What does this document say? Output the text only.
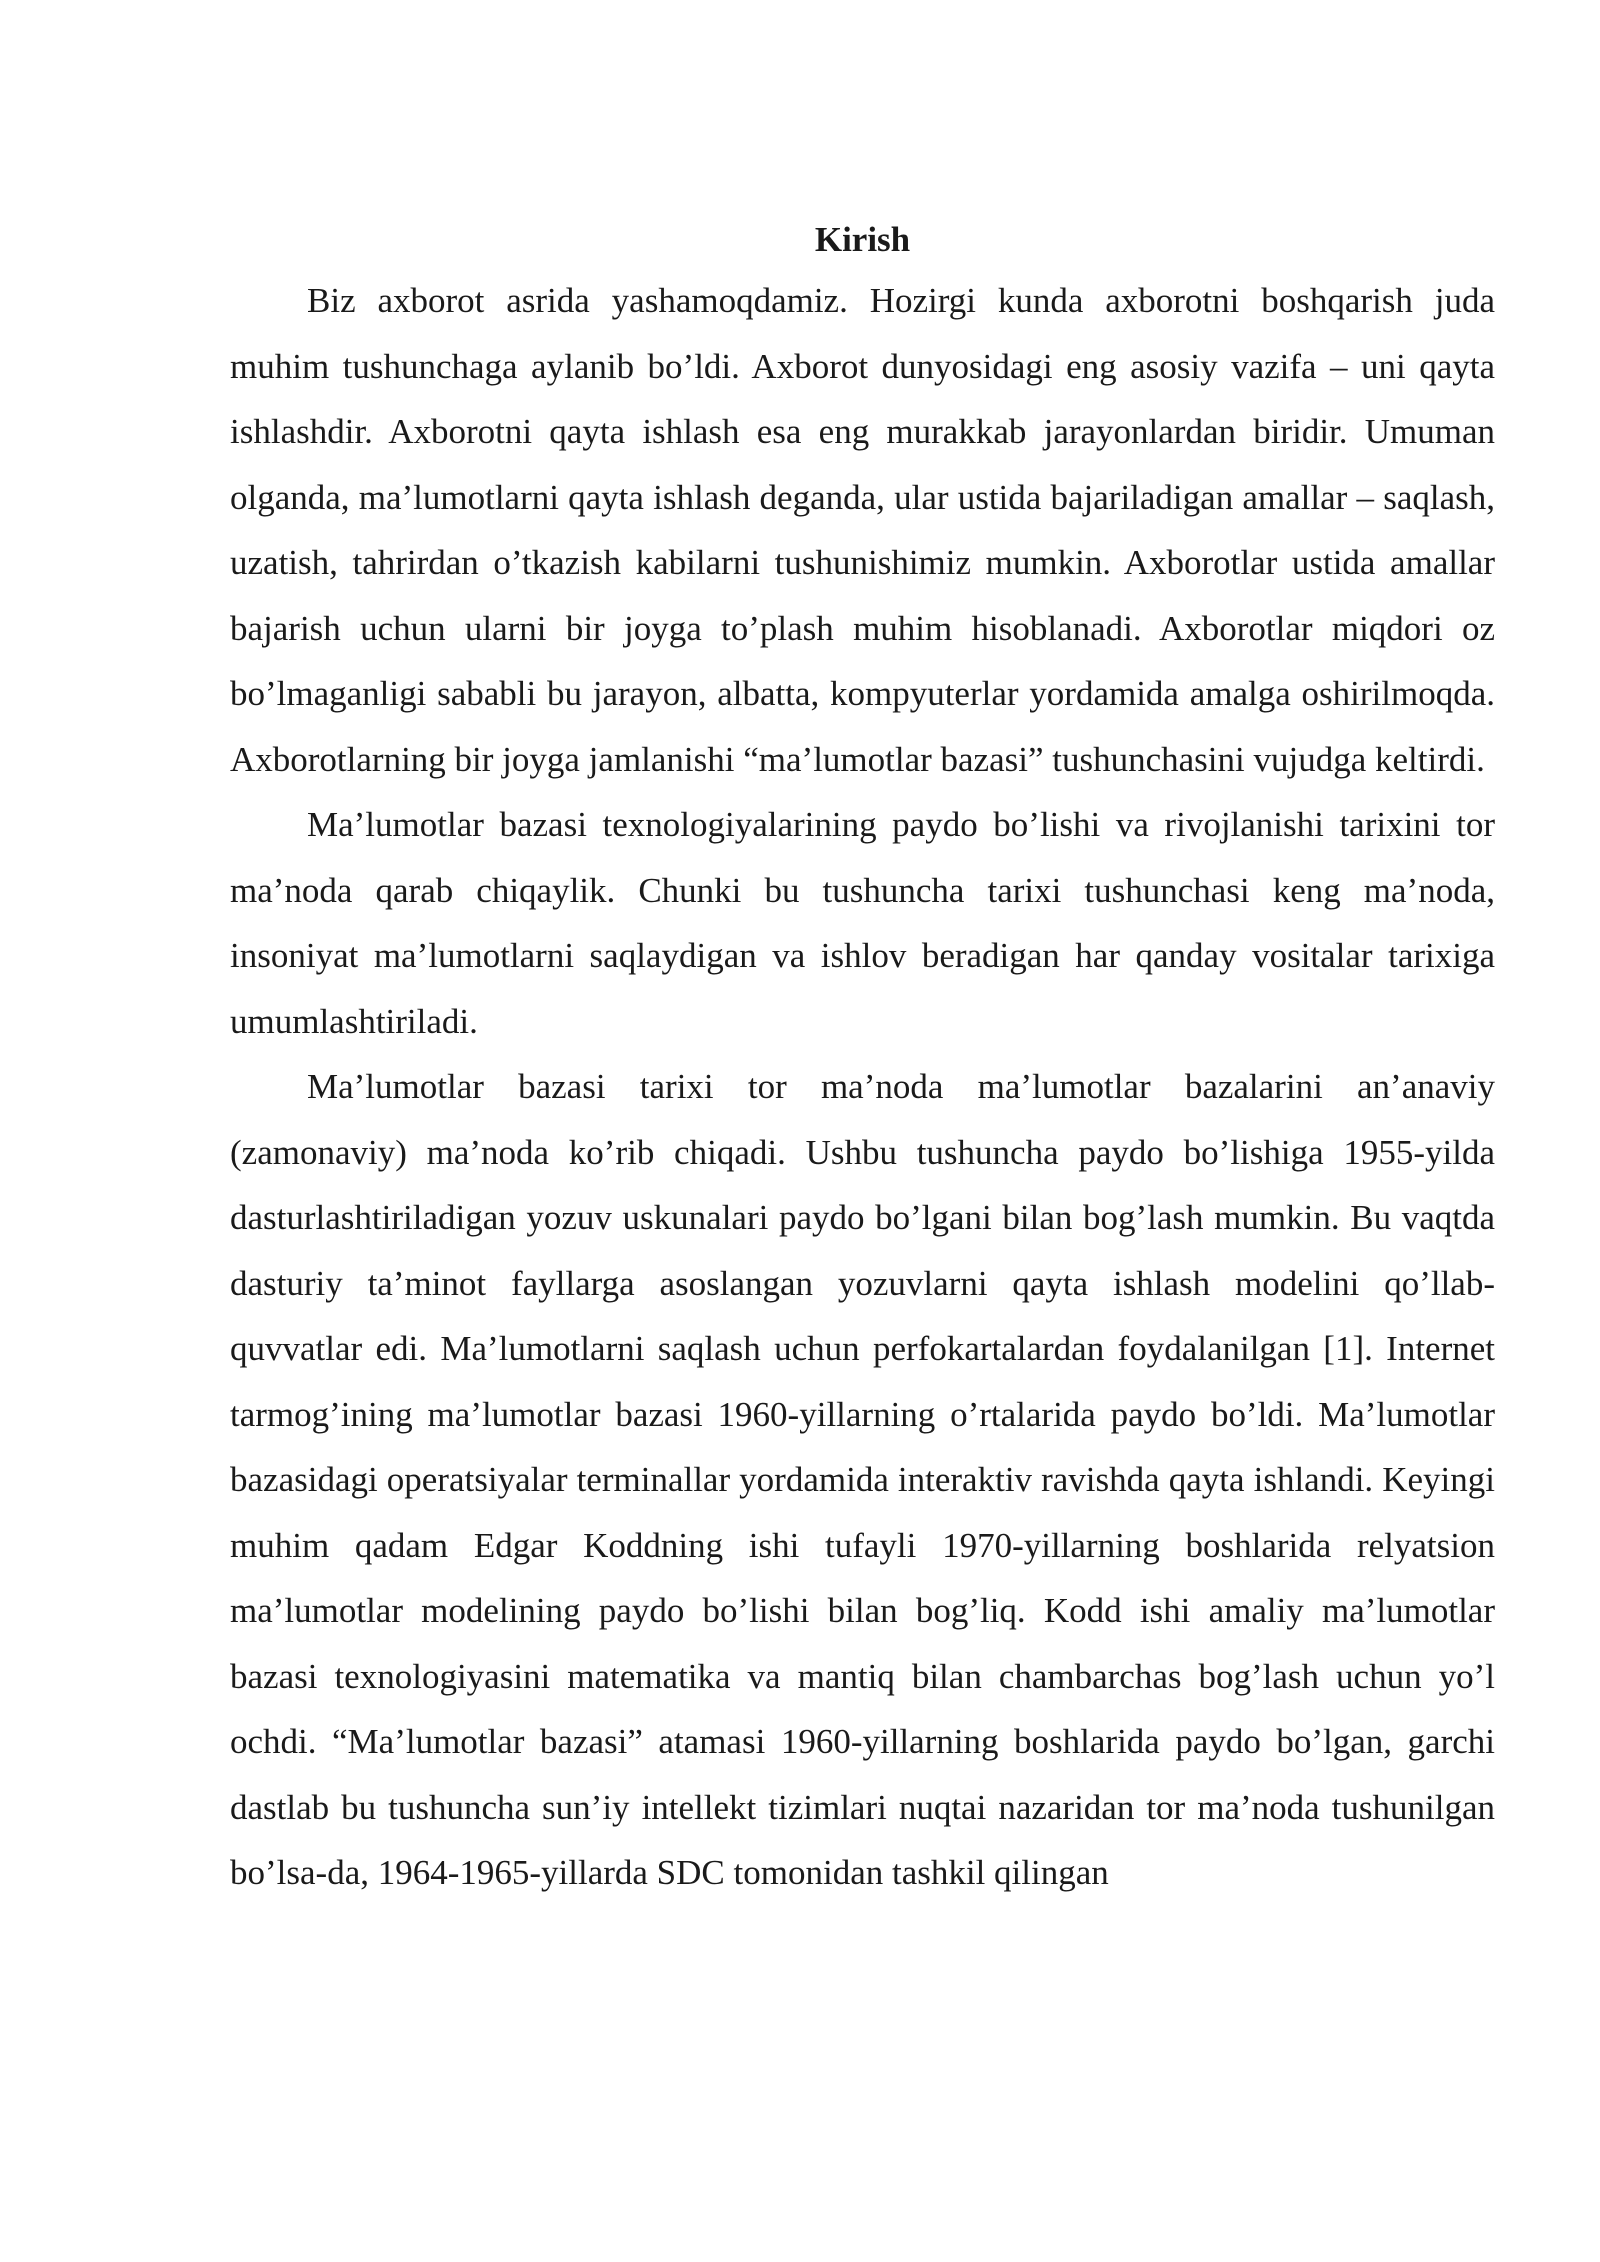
Kirish

Biz axborot asrida yashamoqdamiz. Hozirgi kunda axborotni boshqarish juda muhim tushunchaga aylanib bo’ldi. Axborot dunyosidagi eng asosiy vazifa – uni qayta ishlashdir. Axborotni qayta ishlash esa eng murakkab jarayonlardan biridir. Umuman olganda, ma’lumotlarni qayta ishlash deganda, ular ustida bajariladigan amallar – saqlash, uzatish, tahrirdan o’tkazish kabilarni tushunishimiz mumkin. Axborotlar ustida amallar bajarish uchun ularni bir joyga to’plash muhim hisoblanadi. Axborotlar miqdori oz bo’lmaganligi sababli bu jarayon, albatta, kompyuterlar yordamida amalga oshirilmoqda. Axborotlarning bir joyga jamlanishi “ma’lumotlar bazasi” tushunchasini vujudga keltirdi.

Ma’lumotlar bazasi texnologiyalarining paydo bo’lishi va rivojlanishi tarixini tor ma’noda qarab chiqaylik. Chunki bu tushuncha tarixi tushunchasi keng ma’noda, insoniyat ma’lumotlarni saqlaydigan va ishlov beradigan har qanday vositalar tarixiga umumlashtiriladi.

Ma’lumotlar bazasi tarixi tor ma’noda ma’lumotlar bazalarini an’anaviy (zamonaviy) ma’noda ko’rib chiqadi. Ushbu tushuncha paydo bo’lishiga 1955-yilda dasturlashtiriladigan yozuv uskunalari paydo bo’lgani bilan bog’lash mumkin. Bu vaqtda dasturiy ta’minot fayllarga asoslangan yozuvlarni qayta ishlash modelini qo’llab-quvvatlar edi. Ma’lumotlarni saqlash uchun perfokartalardan foydalanilgan [1]. Internet tarmog’ining ma’lumotlar bazasi 1960-yillarning o’rtalarida paydo bo’ldi. Ma’lumotlar bazasidagi operatsiyalar terminallar yordamida interaktiv ravishda qayta ishlandi. Keyingi muhim qadam Edgar Koddning ishi tufayli 1970-yillarning boshlarida relyatsion ma’lumotlar modelining paydo bo’lishi bilan bog’liq. Kodd ishi amaliy ma’lumotlar bazasi texnologiyasini matematika va mantiq bilan chambarchas bog’lash uchun yo’l ochdi. “Ma’lumotlar bazasi” atamasi 1960-yillarning boshlarida paydo bo’lgan, garchi dastlab bu tushuncha sun’iy intellekt tizimlari nuqtai nazaridan tor ma’noda tushunilgan bo’lsa-da, 1964-1965-yillarda SDC tomonidan tashkil qilingan
